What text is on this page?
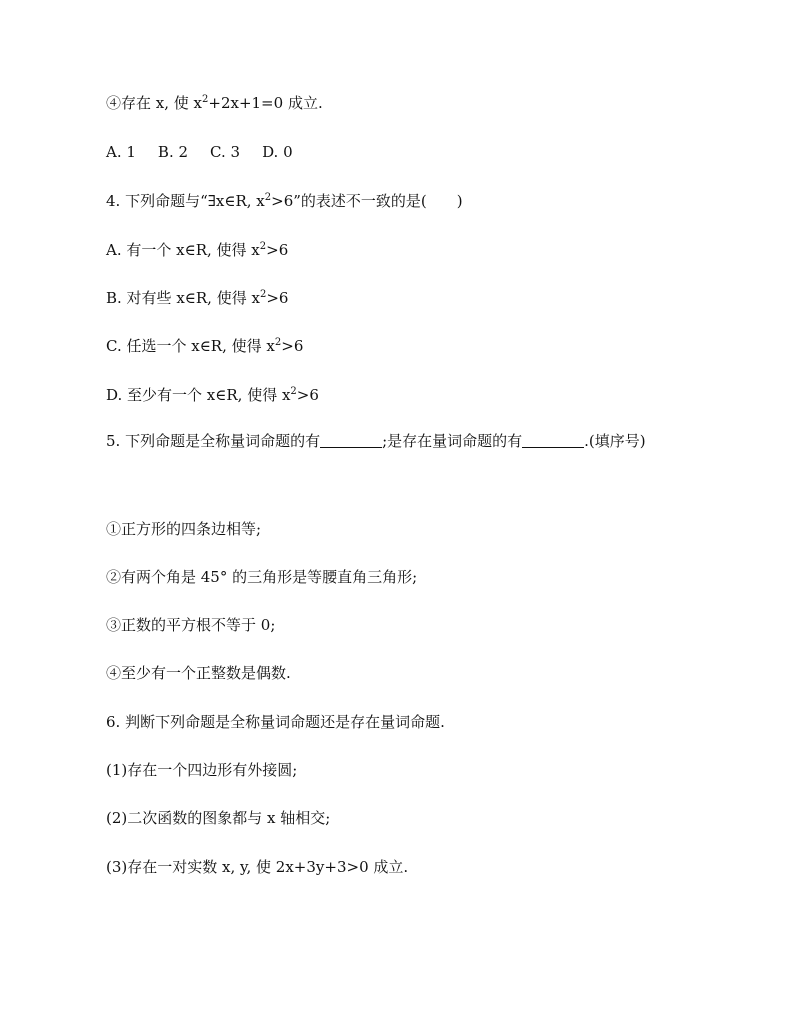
④存在 x, 使 $x^2+2x+1=0$ 成立.
A. 1 B. 2 C. 3 D. 0
4. 下列命题与“∃x∈R, $x^2>6$”的表述不一致的是( )
A. 有一个 x∈R, 使得 $x^2>6$
B. 对有些 x∈R, 使得 $x^2>6$
C. 任选一个 x∈R, 使得 $x^2>6$
D. 至少有一个 x∈R, 使得 $x^2>6$
5. 下列命题是全称量词命题的有	;是存在量词命题的有	.(填序号)
①正方形的四条边相等;
②有两个角是 45° 的三角形是等腰直角三角形;
③正数的平方根不等于 0;
④至少有一个正整数是偶数.
6. 判断下列命题是全称量词命题还是存在量词命题.
(1)存在一个四边形有外接圆;
(2)二次函数的图象都与 x 轴相交;
(3)存在一对实数 x, y, 使 2x+3y+3>0 成立.
